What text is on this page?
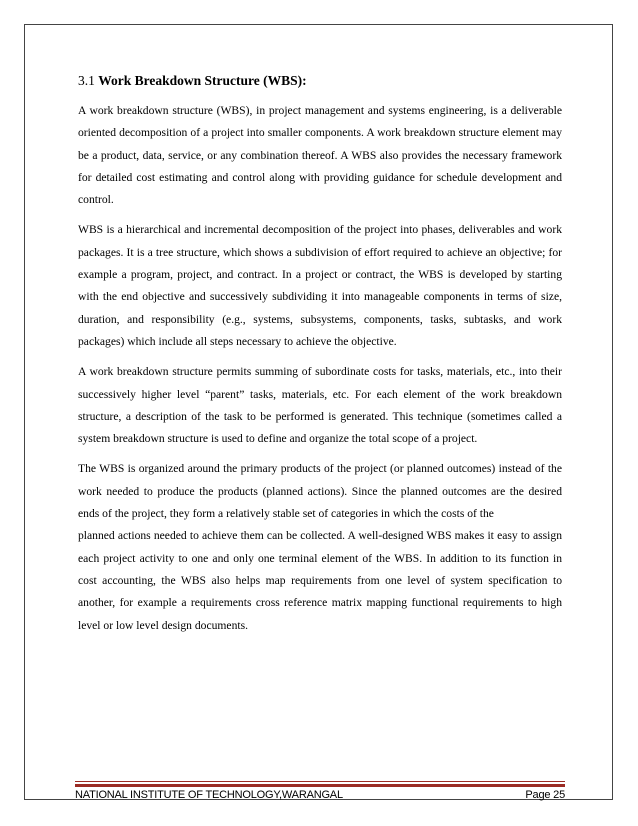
3.1 Work Breakdown Structure (WBS):

A work breakdown structure (WBS), in project management and systems engineering, is a deliverable oriented decomposition of a project into smaller components. A work breakdown structure element may be a product, data, service, or any combination thereof. A WBS also provides the necessary framework for detailed cost estimating and control along with providing guidance for schedule development and control.

WBS is a hierarchical and incremental decomposition of the project into phases, deliverables and work packages. It is a tree structure, which shows a subdivision of effort required to achieve an objective; for example a program, project, and contract. In a project or contract, the WBS is developed by starting with the end objective and successively subdividing it into manageable components in terms of size, duration, and responsibility (e.g., systems, subsystems, components, tasks, subtasks, and work packages) which include all steps necessary to achieve the objective.

A work breakdown structure permits summing of subordinate costs for tasks, materials, etc., into their successively higher level “parent” tasks, materials, etc. For each element of the work breakdown structure, a description of the task to be performed is generated. This technique (sometimes called a system breakdown structure is used to define and organize the total scope of a project.

The WBS is organized around the primary products of the project (or planned outcomes) instead of the work needed to produce the products (planned actions). Since the planned outcomes are the desired ends of the project, they form a relatively stable set of categories in which the costs of the

planned actions needed to achieve them can be collected. A well-designed WBS makes it easy to assign each project activity to one and only one terminal element of the WBS. In addition to its function in cost accounting, the WBS also helps map requirements from one level of system specification to another, for example a requirements cross reference matrix mapping functional requirements to high level or low level design documents.

NATIONAL INSTITUTE OF TECHNOLOGY,WARANGAL	Page 25
